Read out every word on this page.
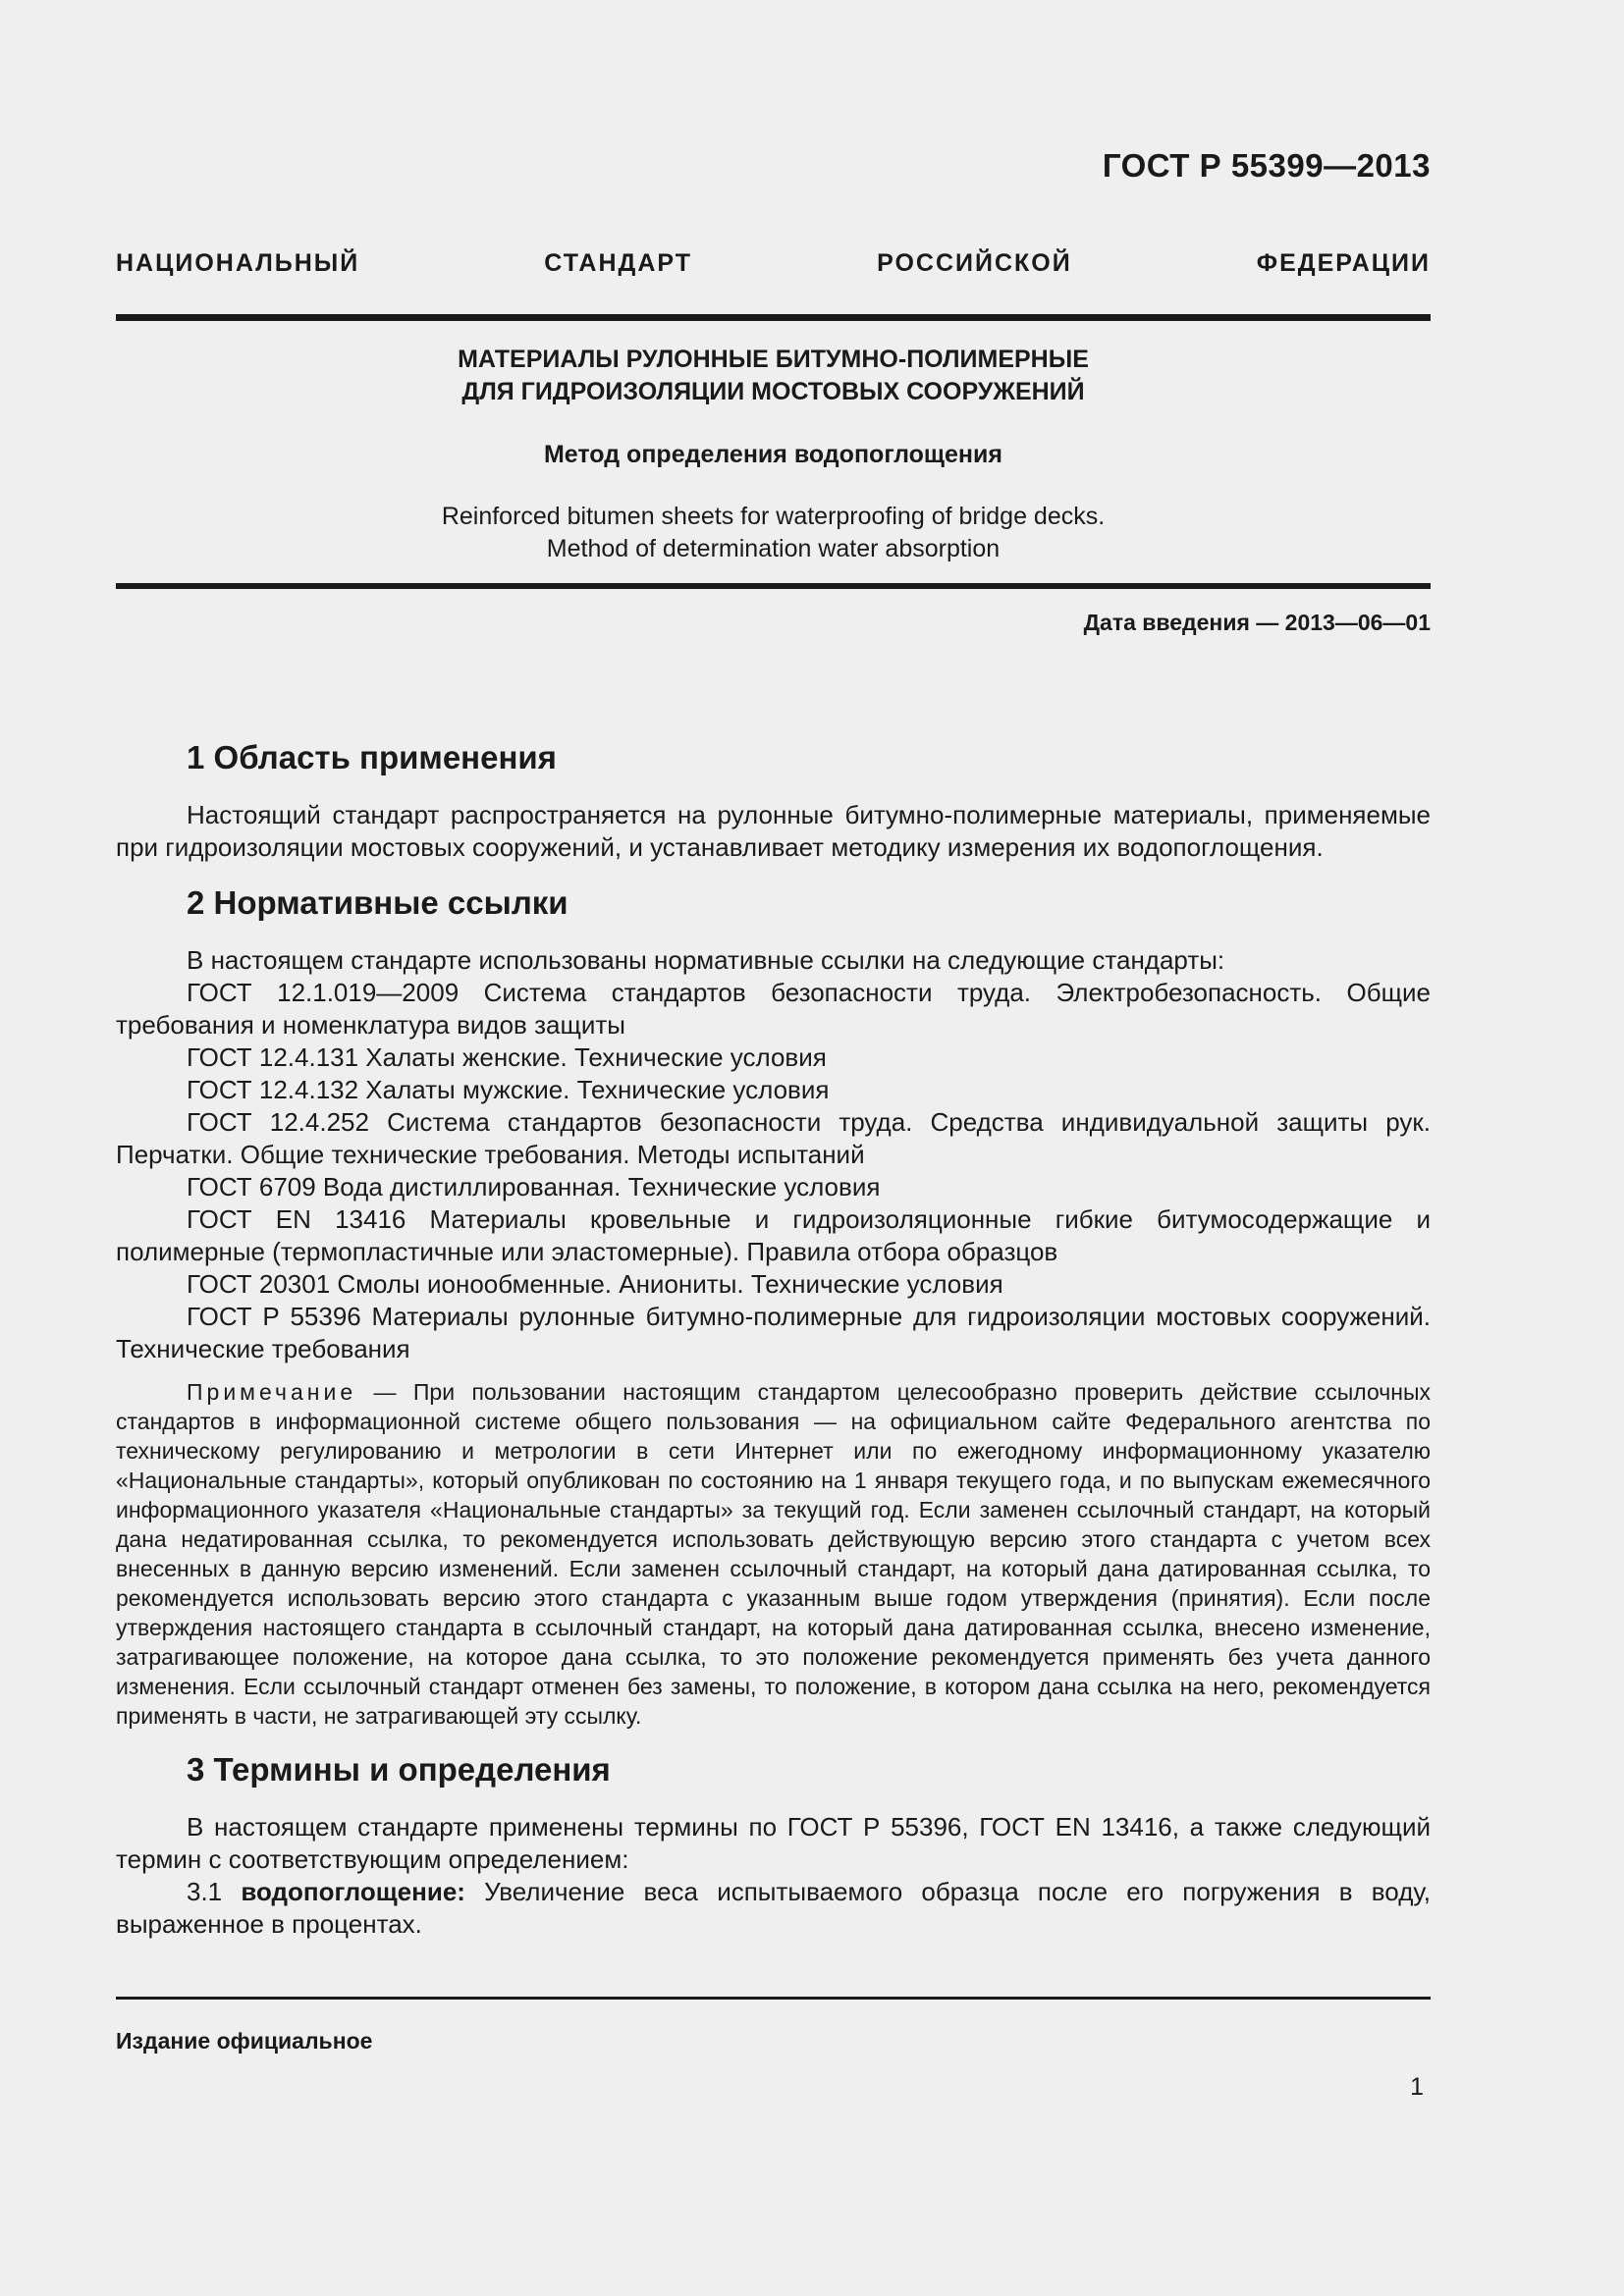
ГОСТ Р 55399—2013
НАЦИОНАЛЬНЫЙ СТАНДАРТ РОССИЙСКОЙ ФЕДЕРАЦИИ
МАТЕРИАЛЫ РУЛОННЫЕ БИТУМНО-ПОЛИМЕРНЫЕ
ДЛЯ ГИДРОИЗОЛЯЦИИ МОСТОВЫХ СООРУЖЕНИЙ
Метод определения водопоглощения
Reinforced bitumen sheets for waterproofing of bridge decks.
Method of determination water absorption
Дата введения — 2013—06—01
1 Область применения

Настоящий стандарт распространяется на рулонные битумно-полимерные материалы, применяемые при гидроизоляции мостовых сооружений, и устанавливает методику измерения их водопоглощения.

2 Нормативные ссылки

В настоящем стандарте использованы нормативные ссылки на следующие стандарты:

ГОСТ 12.1.019—2009 Система стандартов безопасности труда. Электробезопасность. Общие требования и номенклатура видов защиты

ГОСТ 12.4.131 Халаты женские. Технические условия

ГОСТ 12.4.132 Халаты мужские. Технические условия

ГОСТ 12.4.252 Система стандартов безопасности труда. Средства индивидуальной защиты рук. Перчатки. Общие технические требования. Методы испытаний

ГОСТ 6709 Вода дистиллированная. Технические условия

ГОСТ EN 13416 Материалы кровельные и гидроизоляционные гибкие битумосодержащие и полимерные (термопластичные или эластомерные). Правила отбора образцов

ГОСТ 20301 Смолы ионообменные. Аниониты. Технические условия

ГОСТ Р 55396 Материалы рулонные битумно-полимерные для гидроизоляции мостовых сооружений. Технические требования

Примечание — При пользовании настоящим стандартом целесообразно проверить действие ссылочных стандартов в информационной системе общего пользования — на официальном сайте Федерального агентства по техническому регулированию и метрологии в сети Интернет или по ежегодному информационному указателю «Национальные стандарты», который опубликован по состоянию на 1 января текущего года, и по выпускам ежемесячного информационного указателя «Национальные стандарты» за текущий год. Если заменен ссылочный стандарт, на который дана недатированная ссылка, то рекомендуется использовать действующую версию этого стандарта с учетом всех внесенных в данную версию изменений. Если заменен ссылочный стандарт, на который дана датированная ссылка, то рекомендуется использовать версию этого стандарта с указанным выше годом утверждения (принятия). Если после утверждения настоящего стандарта в ссылочный стандарт, на который дана датированная ссылка, внесено изменение, затрагивающее положение, на которое дана ссылка, то это положение рекомендуется применять без учета данного изменения. Если ссылочный стандарт отменен без замены, то положение, в котором дана ссылка на него, рекомендуется применять в части, не затрагивающей эту ссылку.

3 Термины и определения

В настоящем стандарте применены термины по ГОСТ Р 55396, ГОСТ EN 13416, а также следующий термин с соответствующим определением:

3.1 водопоглощение: Увеличение веса испытываемого образца после его погружения в воду, выраженное в процентах.

Издание официальное
1
